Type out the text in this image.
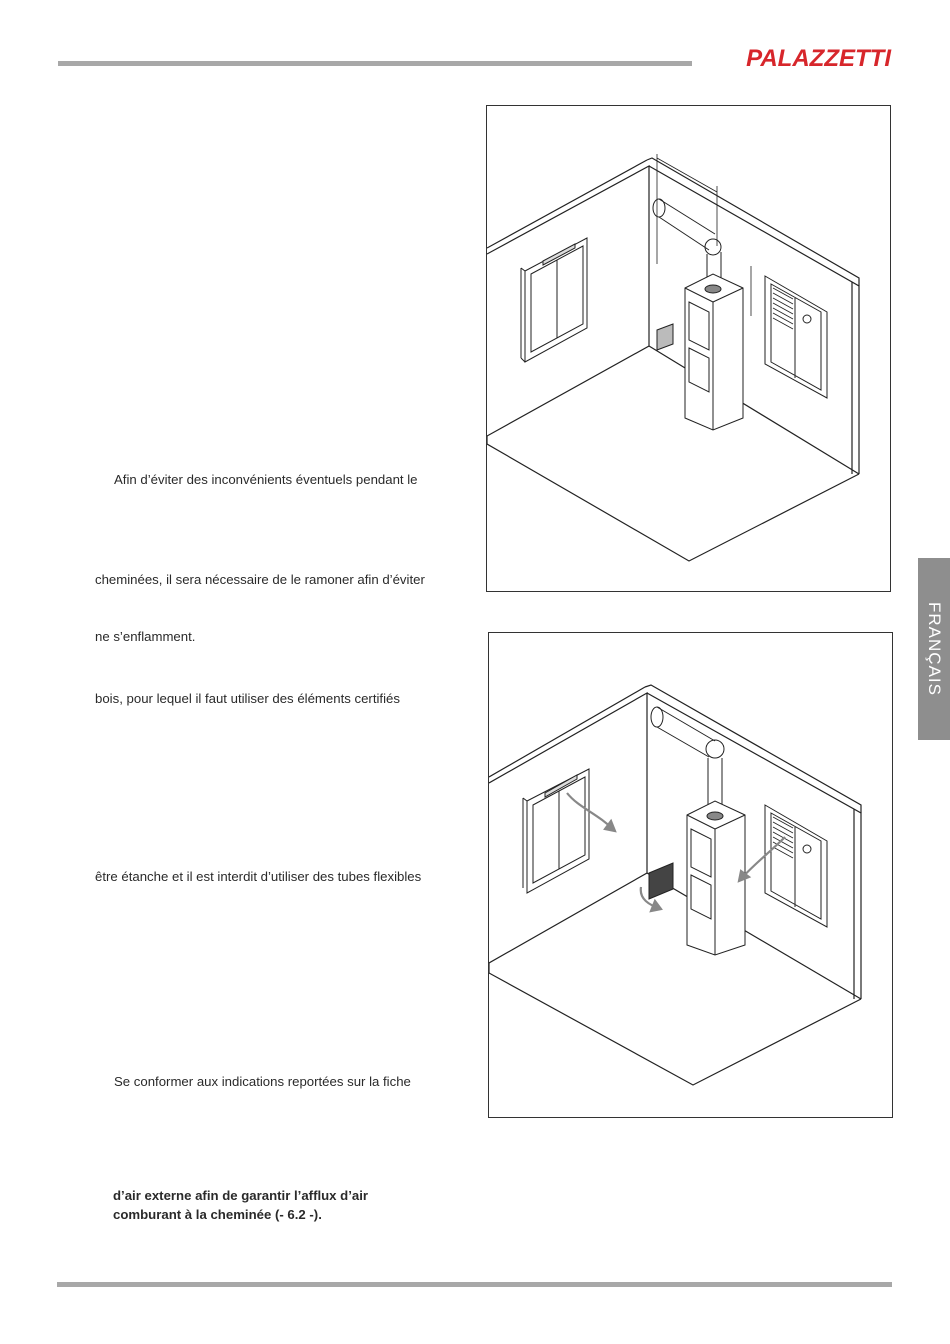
PALAZZETTI
Afin d’éviter des inconvénients éventuels pendant le
cheminées, il sera nécessaire de le ramoner afin d’éviter
ne s’enflamment.
bois, pour lequel il faut utiliser des éléments certifiés
être étanche et il est interdit d’utiliser des tubes flexibles
Se conformer aux indications reportées sur la fiche
d’air externe afin de garantir l’afflux d’air
comburant à la cheminée (- 6.2 -).
FRANÇAIS
